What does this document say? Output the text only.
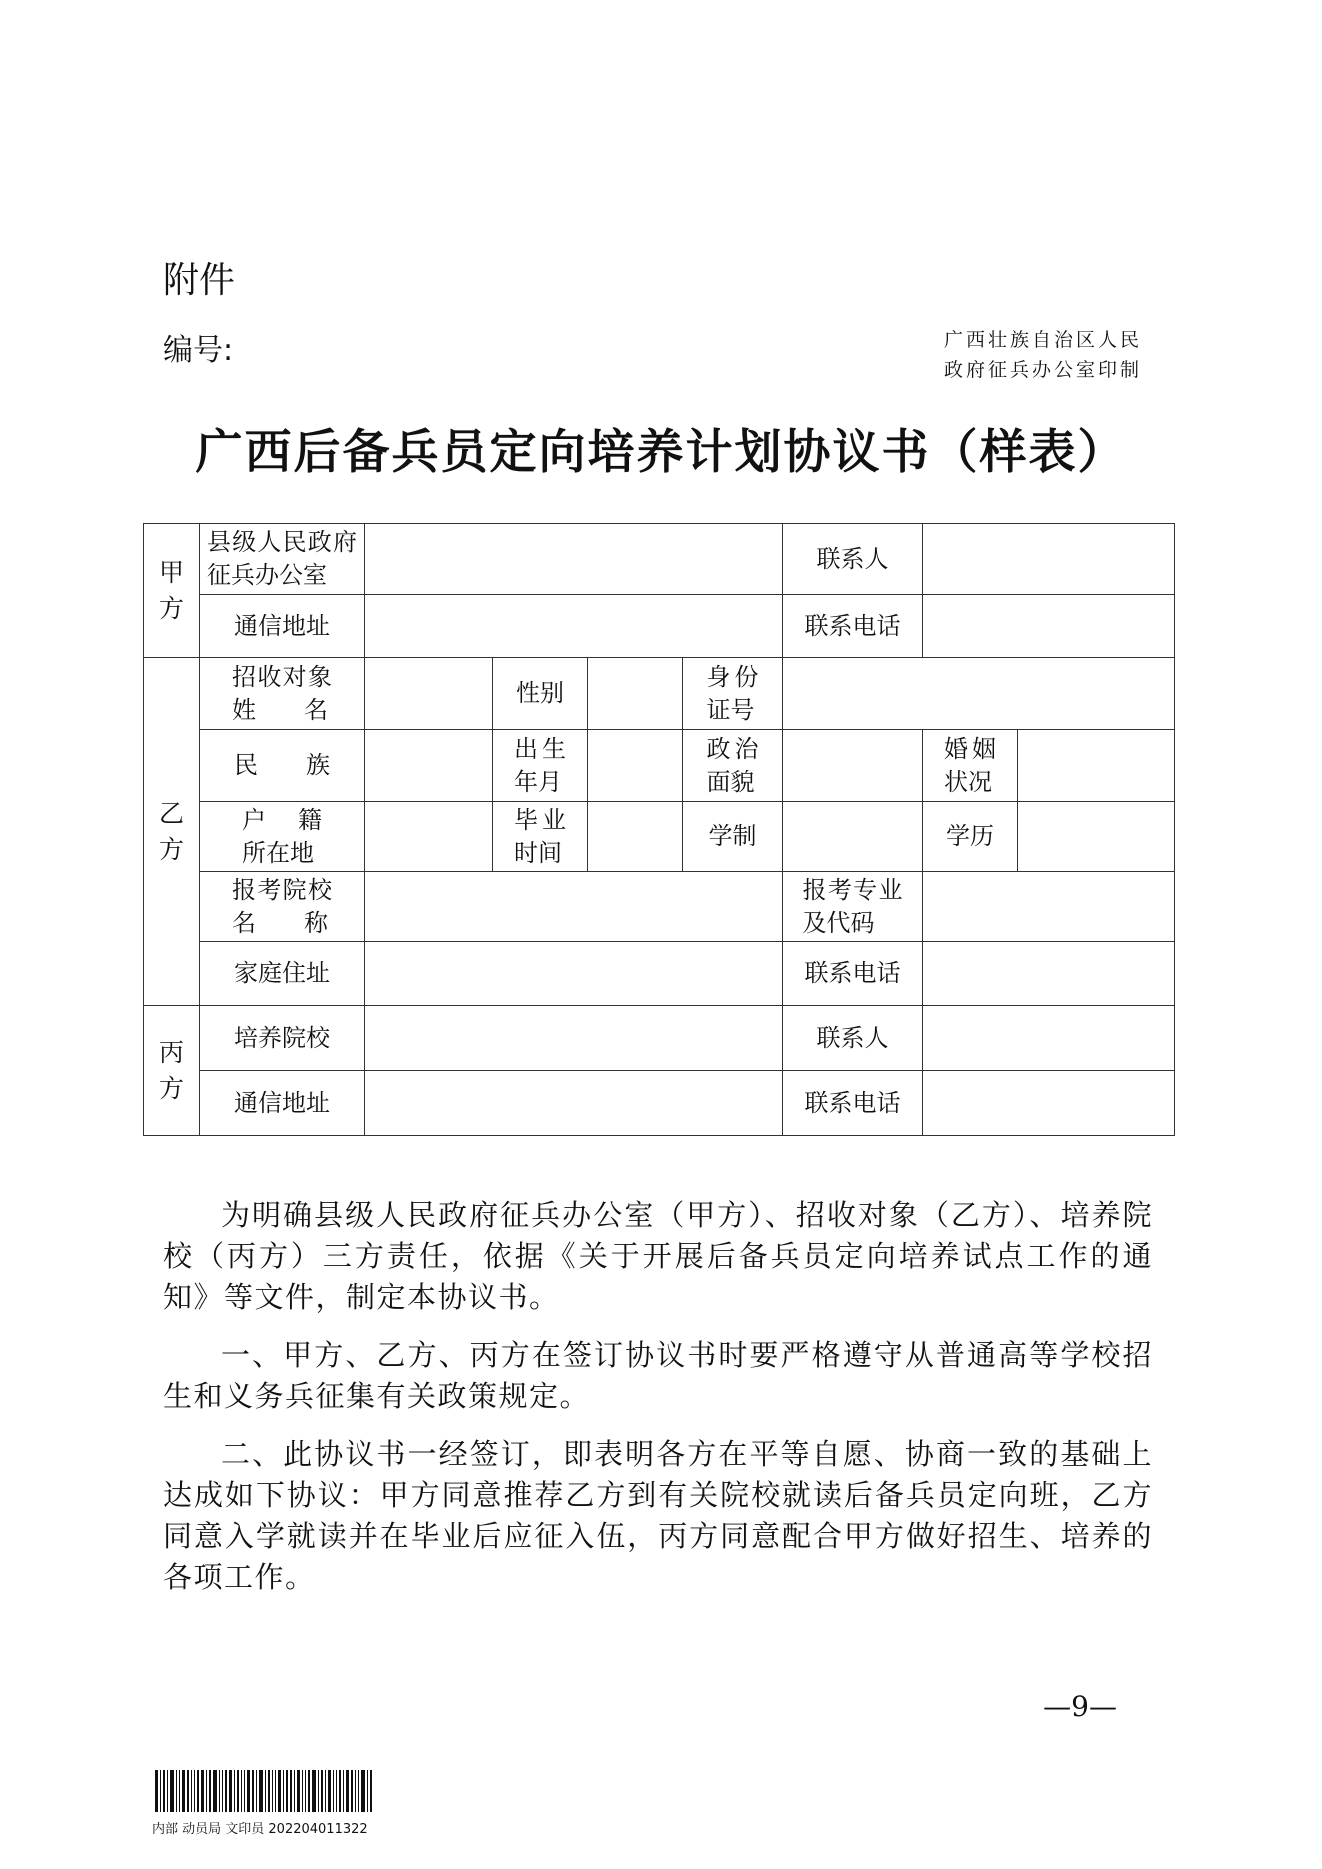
附件
编号:	广西壮族自治区人民
政府征兵办公室印制
广西后备兵员定向培养计划协议书（样表）
甲方	县级人民政府征兵办公室					联系人		
	通信地址					联系电话		
乙方	招收对象姓　　名		性别		身份证号			
	民　　族		出生年月		政治面貌		婚姻状况	
	户　籍所在地		毕业时间		学制		学历	
	报考院校名　　称					报考专业及代码		
	家庭住址					联系电话		
丙方	培养院校					联系人		
	通信地址					联系电话		

为明确县级人民政府征兵办公室（甲方）、招收对象（乙方）、培养院校（丙方）三方责任，依据《关于开展后备兵员定向培养试点工作的通知》等文件，制定本协议书。

一、甲方、乙方、丙方在签订协议书时要严格遵守从普通高等学校招生和义务兵征集有关政策规定。

二、此协议书一经签订，即表明各方在平等自愿、协商一致的基础上达成如下协议：甲方同意推荐乙方到有关院校就读后备兵员定向班，乙方同意入学就读并在毕业后应征入伍，丙方同意配合甲方做好招生、培养的各项工作。

—9—
内部 动员局 文印员 202204011322
